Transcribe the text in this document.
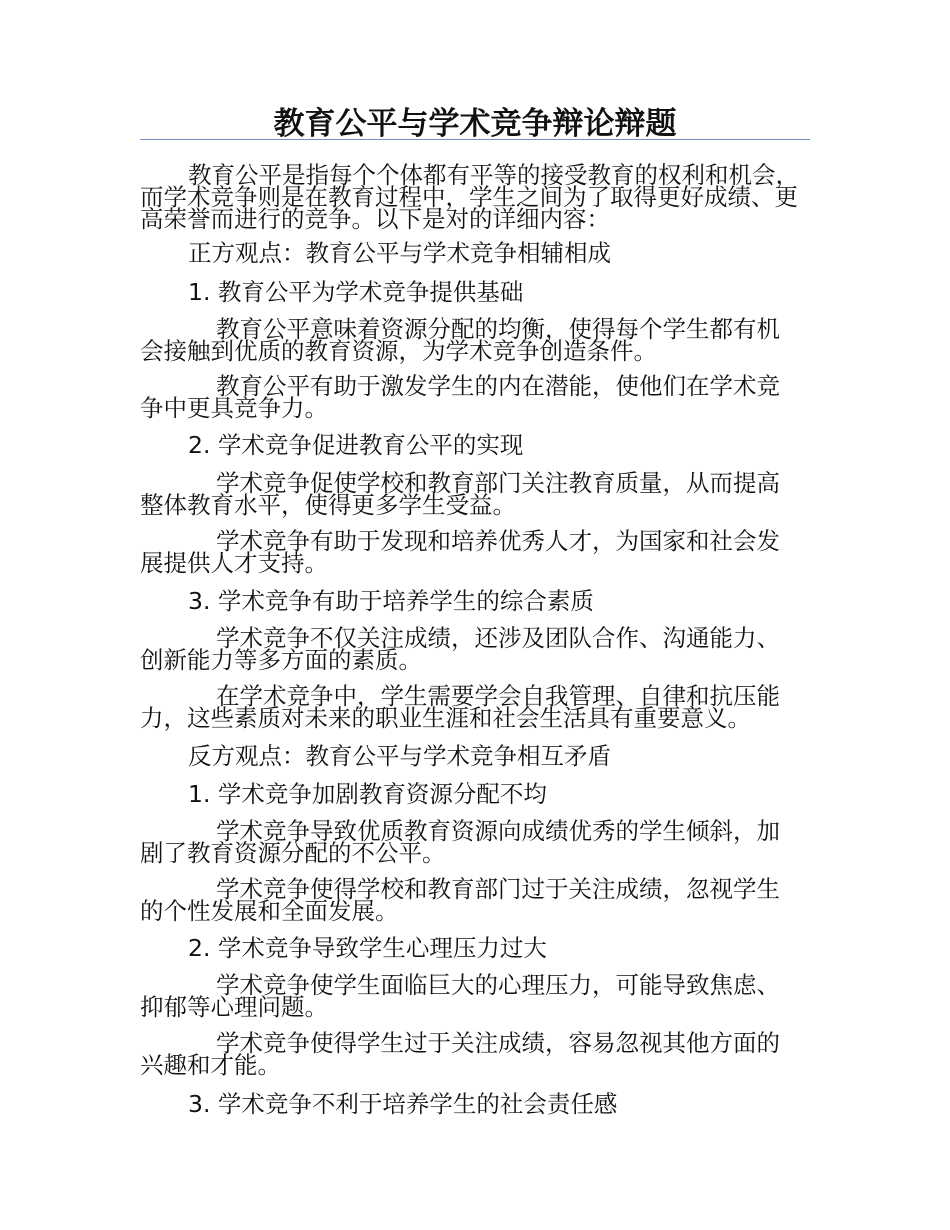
教育公平与学术竞争辩论辩题

教育公平是指每个个体都有平等的接受教育的权利和机会，而学术竞争则是在教育过程中，学生之间为了取得更好成绩、更高荣誉而进行的竞争。以下是对的详细内容：

正方观点：教育公平与学术竞争相辅相成
1. 教育公平为学术竞争提供基础

教育公平意味着资源分配的均衡，使得每个学生都有机会接触到优质的教育资源，为学术竞争创造条件。

教育公平有助于激发学生的内在潜能，使他们在学术竞争中更具竞争力。

2. 学术竞争促进教育公平的实现

学术竞争促使学校和教育部门关注教育质量，从而提高整体教育水平，使得更多学生受益。

学术竞争有助于发现和培养优秀人才，为国家和社会发展提供人才支持。

3. 学术竞争有助于培养学生的综合素质

学术竞争不仅关注成绩，还涉及团队合作、沟通能力、创新能力等多方面的素质。

在学术竞争中，学生需要学会自我管理、自律和抗压能力，这些素质对未来的职业生涯和社会生活具有重要意义。

反方观点：教育公平与学术竞争相互矛盾
1. 学术竞争加剧教育资源分配不均

学术竞争导致优质教育资源向成绩优秀的学生倾斜，加剧了教育资源分配的不公平。

学术竞争使得学校和教育部门过于关注成绩，忽视学生的个性发展和全面发展。

2. 学术竞争导致学生心理压力过大

学术竞争使学生面临巨大的心理压力，可能导致焦虑、抑郁等心理问题。

学术竞争使得学生过于关注成绩，容易忽视其他方面的兴趣和才能。

3. 学术竞争不利于培养学生的社会责任感
